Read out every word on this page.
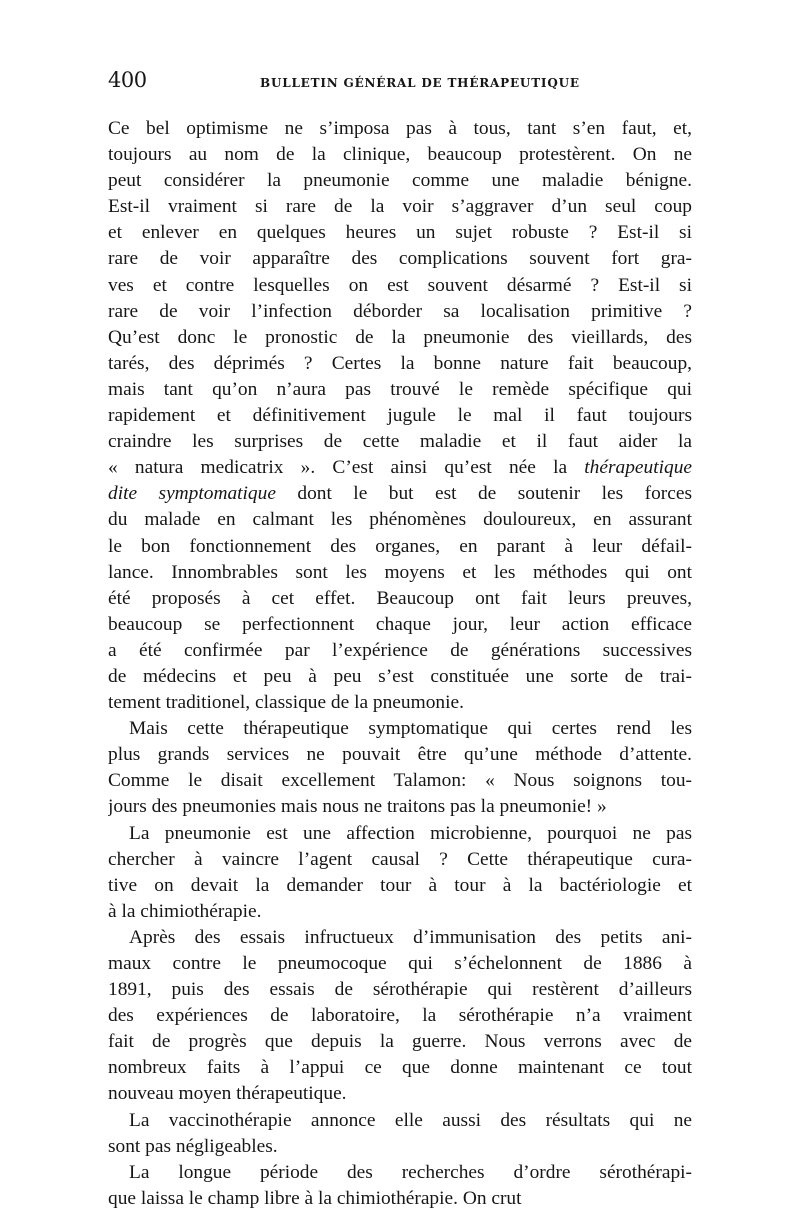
400	BULLETIN GÉNÉRAL DE THÉRAPEUTIQUE
Ce bel optimisme ne s’imposa pas à tous, tant s’en faut, et,
toujours au nom de la clinique, beaucoup protestèrent. On ne
peut considérer la pneumonie comme une maladie bénigne.
Est-il vraiment si rare de la voir s’aggraver d’un seul coup
et enlever en quelques heures un sujet robuste ? Est-il si
rare de voir apparaître des complications souvent fort gra-
ves et contre lesquelles on est souvent désarmé ? Est-il si
rare de voir l’infection déborder sa localisation primitive ?
Qu’est donc le pronostic de la pneumonie des vieillards, des
tarés, des déprimés ? Certes la bonne nature fait beaucoup,
mais tant qu’on n’aura pas trouvé le remède spécifique qui
rapidement et définitivement jugule le mal il faut toujours
craindre les surprises de cette maladie et il faut aider la
« natura medicatrix ». C’est ainsi qu’est née la thérapeutique
dite symptomatique dont le but est de soutenir les forces
du malade en calmant les phénomènes douloureux, en assurant
le bon fonctionnement des organes, en parant à leur défail-
lance. Innombrables sont les moyens et les méthodes qui ont
été proposés à cet effet. Beaucoup ont fait leurs preuves,
beaucoup se perfectionnent chaque jour, leur action efficace
a été confirmée par l’expérience de générations successives
de médecins et peu à peu s’est constituée une sorte de trai-
tement traditionel, classique de la pneumonie.
Mais cette thérapeutique symptomatique qui certes rend les
plus grands services ne pouvait être qu’une méthode d’attente.
Comme le disait excellement Talamon: « Nous soignons tou-
jours des pneumonies mais nous ne traitons pas la pneumonie! »
La pneumonie est une affection microbienne, pourquoi ne pas
chercher à vaincre l’agent causal ? Cette thérapeutique cura-
tive on devait la demander tour à tour à la bactériologie et
à la chimiothérapie.
Après des essais infructueux d’immunisation des petits ani-
maux contre le pneumocoque qui s’échelonnent de 1886 à
1891, puis des essais de sérothérapie qui restèrent d’ailleurs
des expériences de laboratoire, la sérothérapie n’a vraiment
fait de progrès que depuis la guerre. Nous verrons avec de
nombreux faits à l’appui ce que donne maintenant ce tout
nouveau moyen thérapeutique.
La vaccinothérapie annonce elle aussi des résultats qui ne
sont pas négligeables.
La longue période des recherches d’ordre sérothérapi-
que laissa le champ libre à la chimiothérapie. On crut
